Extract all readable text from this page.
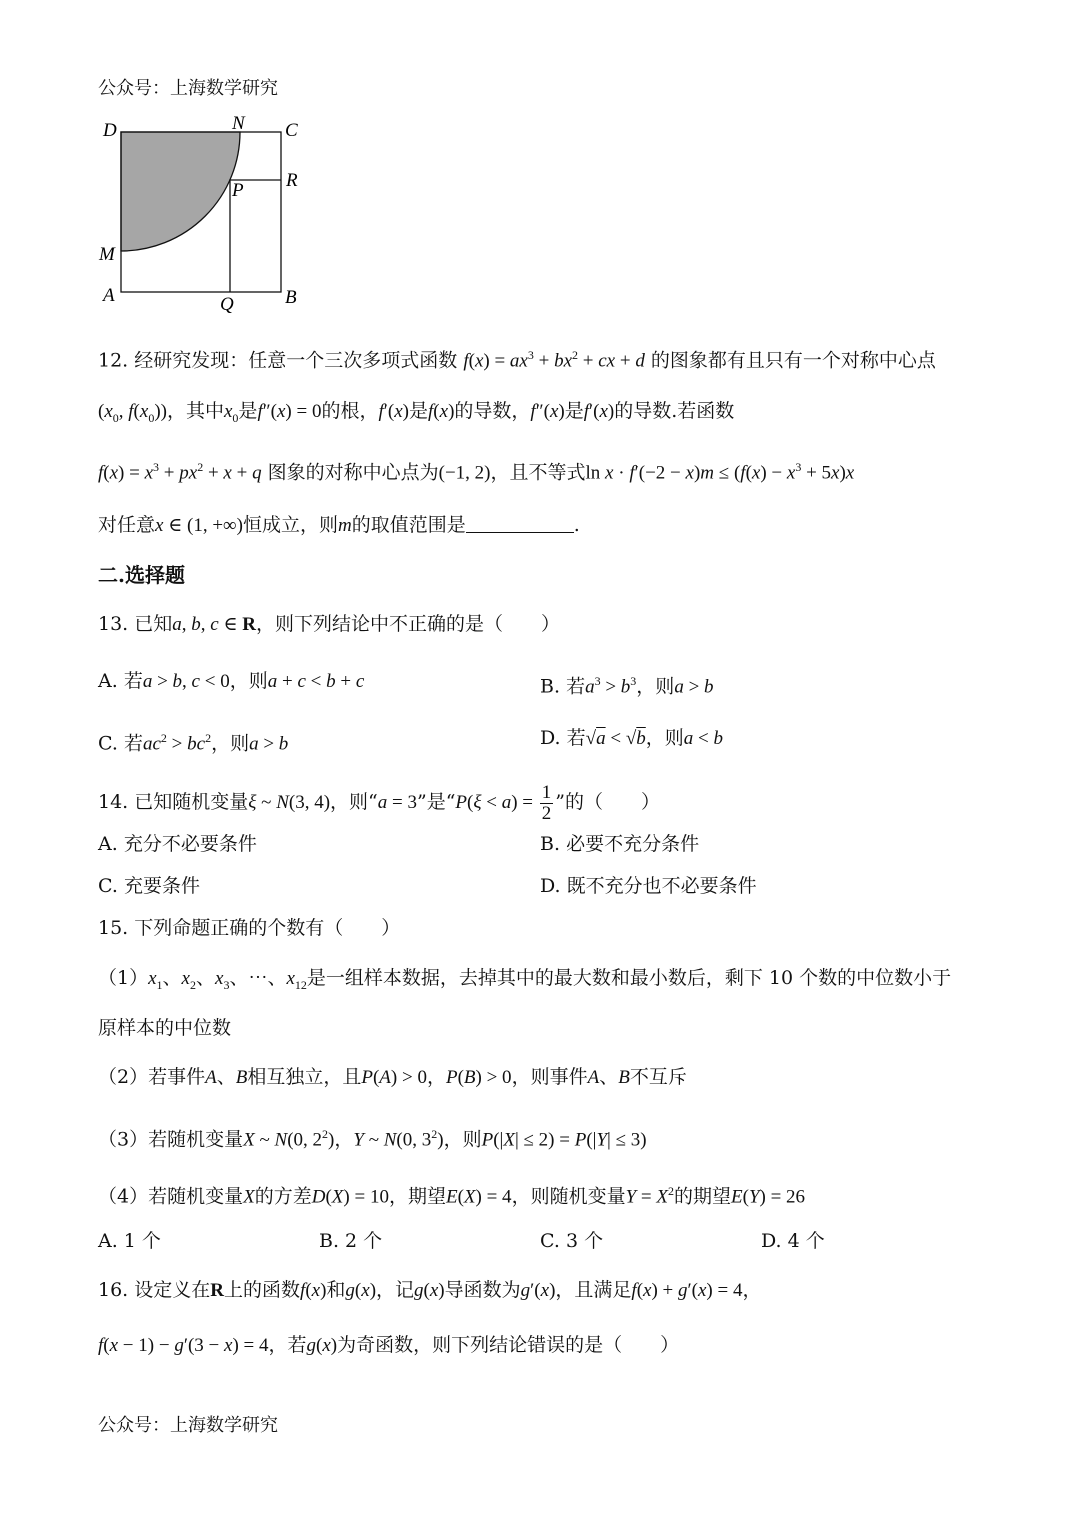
公众号：上海数学研究
D	N C
R
P
M
A	Q	B
12. 经研究发现：任意一个三次多项式函数 $f(x) = ax^3 + bx^2$ + cx + d 的图象都有且只有一个对称中心点
($x_0$, $f(x_0)$)，其中$x_0$是f″(x) = 0的根，f′(x)是f(x)的导数，f″(x)是f′(x)的导数.若函数
$f(x) = x^3 + px^2 + x + q$ 图象的对称中心点为(−1, 2)，且不等式$\ln x \cdot f'(-2 - x)m \le (f(x) - x^3 + 5x)x$
对任意x ∈ (1, +∞)恒成立，则m的取值范围是	.
二.选择题
13. 已知a, b, c ∈ R，则下列结论中不正确的是（　　）
A. 若a > b, c < 0，则a + c < b + c	B. 若$a^3 > b^3$，则a > b
C. 若$ac^2 > bc^2$，则a > b	D. 若√a < √b，则a < b
14. 已知随机变量ξ ~ N(3, 4)，则“a = 3”是“$P(\xi < a) = \frac{1}{2}$ ”的（　　）
A. 充分不必要条件	B. 必要不充分条件
C. 充要条件	D. 既不充分也不必要条件
15. 下列命题正确的个数有（　　）
$(1)x_1$、$x_2$、$x_3$、⋯、$x_{12}$是一组样本数据，去掉其中的最大数和最小数后，剩下 10 个数的中位数小于
原样本的中位数
（2）若事件A、B相互独立，且P(A) > 0，P(B) > 0，则事件A、B不互斥
（3）若随机变量X ~ N(0, $2^2$)，Y ~ N(0, $3^2$)，则P(|X| ≤ 2) = P(|Y| ≤ 3)
（4）若随机变量X的方差D(X) = 10，期望E(X) = 4，则随机变量$Y = X^2$的期望E(Y) = 26
A. 1 个	B. 2 个	C. 3 个	D. 4 个
16. 设定义在R上的函数f(x)和g(x)，记g(x)导函数为g′(x)，且满足f(x) + g′(x) = 4，
f(x − 1) − g′(3 − x) = 4，若g(x)为奇函数，则下列结论错误的是（　　）
公众号：上海数学研究
